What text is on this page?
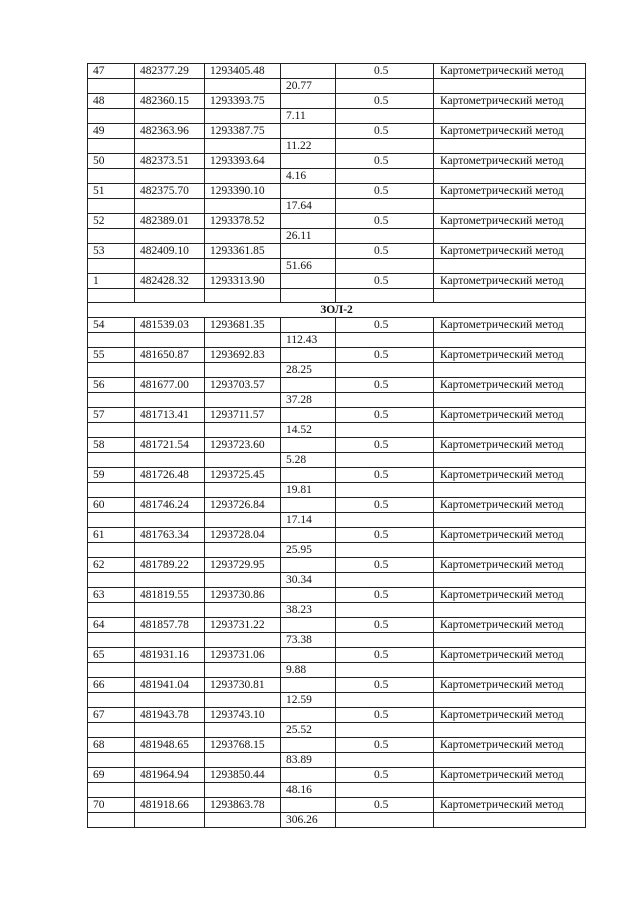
47	482377.29	1293405.48		0.5	Картометрический метод
			20.77		
48	482360.15	1293393.75		0.5	Картометрический метод
			7.11		
49	482363.96	1293387.75		0.5	Картометрический метод
			11.22		
50	482373.51	1293393.64		0.5	Картометрический метод
			4.16		
51	482375.70	1293390.10		0.5	Картометрический метод
			17.64		
52	482389.01	1293378.52		0.5	Картометрический метод
			26.11		
53	482409.10	1293361.85		0.5	Картометрический метод
			51.66		
1	482428.32	1293313.90		0.5	Картометрический метод

ЗОЛ-2					
54	481539.03	1293681.35		0.5	Картометрический метод
			112.43		
55	481650.87	1293692.83		0.5	Картометрический метод
			28.25		
56	481677.00	1293703.57		0.5	Картометрический метод
			37.28		
57	481713.41	1293711.57		0.5	Картометрический метод
			14.52		
58	481721.54	1293723.60		0.5	Картометрический метод
			5.28		
59	481726.48	1293725.45		0.5	Картометрический метод
			19.81		
60	481746.24	1293726.84		0.5	Картометрический метод
			17.14		
61	481763.34	1293728.04		0.5	Картометрический метод
			25.95		
62	481789.22	1293729.95		0.5	Картометрический метод
			30.34		
63	481819.55	1293730.86		0.5	Картометрический метод
			38.23		
64	481857.78	1293731.22		0.5	Картометрический метод
			73.38		
65	481931.16	1293731.06		0.5	Картометрический метод
			9.88		
66	481941.04	1293730.81		0.5	Картометрический метод
			12.59		
67	481943.78	1293743.10		0.5	Картометрический метод
			25.52		
68	481948.65	1293768.15		0.5	Картометрический метод
			83.89		
69	481964.94	1293850.44		0.5	Картометрический метод
			48.16		
70	481918.66	1293863.78		0.5	Картометрический метод
			306.26		
